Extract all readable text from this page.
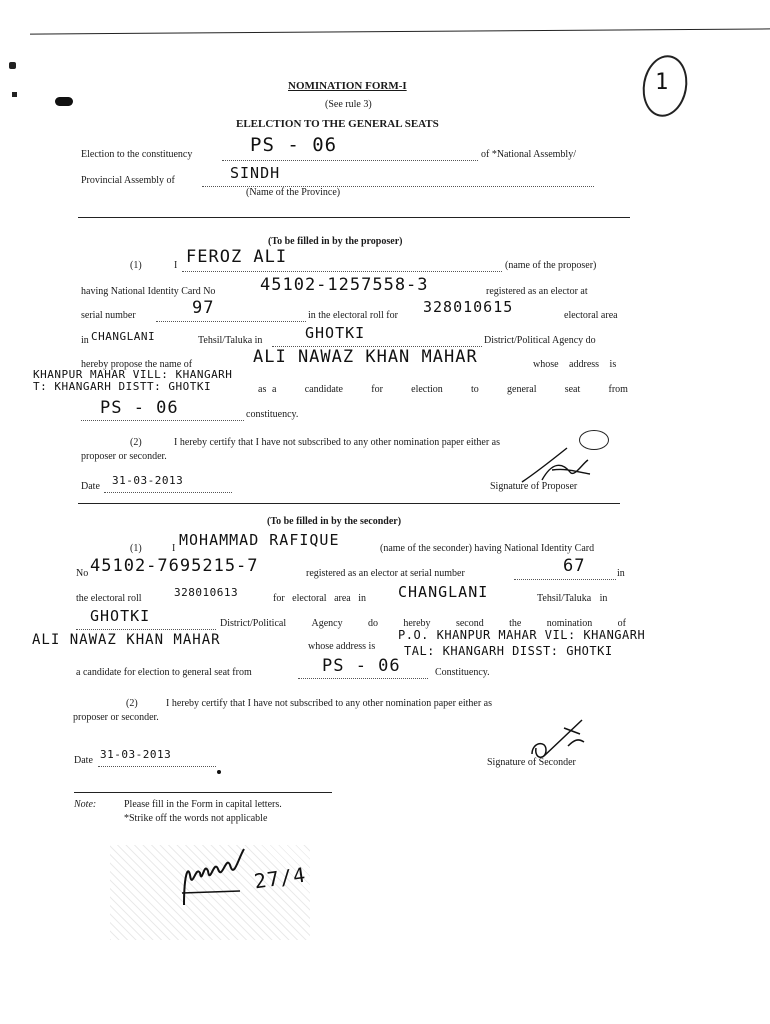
1
NOMINATION FORM-I
(See rule 3)
ELELCTION TO THE GENERAL SEATS
Election to the constituency	PS - 06	of *National Assembly/
Provincial Assembly of	SINDH
(Name of the Province)
(To be filled in by the proposer)
(1)	I FEROZ ALI	(name of the proposer)
having National Identity Card No	45102-1257558-3	registered as an elector at
serial number	97	in the electoral roll for 328010615	electoral area
in CHANGLANI	Tehsil/Taluka in	GHOTKI	District/Political Agency do
hereby propose the name of	ALI NAWAZ KHAN MAHAR	whose address is
KHANPUR MAHAR VILL: KHANGARH
T: KHANGARH DISTT: GHOTKI	as a	candidate	for	election	to	general	seat	from
PS - 06	constituency.
(2)	I hereby certify that I have not subscribed to any other nomination paper either as
proposer or seconder.
Date 31-03-2013	Signature of Proposer
(To be filled in by the seconder)
(1)	I MOHAMMAD RAFIQUE	(name of the seconder) having National Identity Card
No 45102-7695215-7	registered as an elector at serial number	67	in
the electoral roll	328010613	for electoral area in CHANGLANI	Tehsil/Taluka in
GHOTKI	District/Political	Agency	do	hereby	second	the	nomination	of
ALI NAWAZ KHAN MAHAR	whose address is
P.O. KHANPUR MAHAR VIL: KHANGARH
TAL: KHANGARH DISST: GHOTKI
a candidate for election to general seat from	PS - 06	Constituency.
(2)	I hereby certify that I have not subscribed to any other nomination paper either as
proposer or seconder.
Date 31-03-2013
Signature of Seconder
Note:	Please fill in the Form in capital letters.
*Strike off the words not applicable
27/4
